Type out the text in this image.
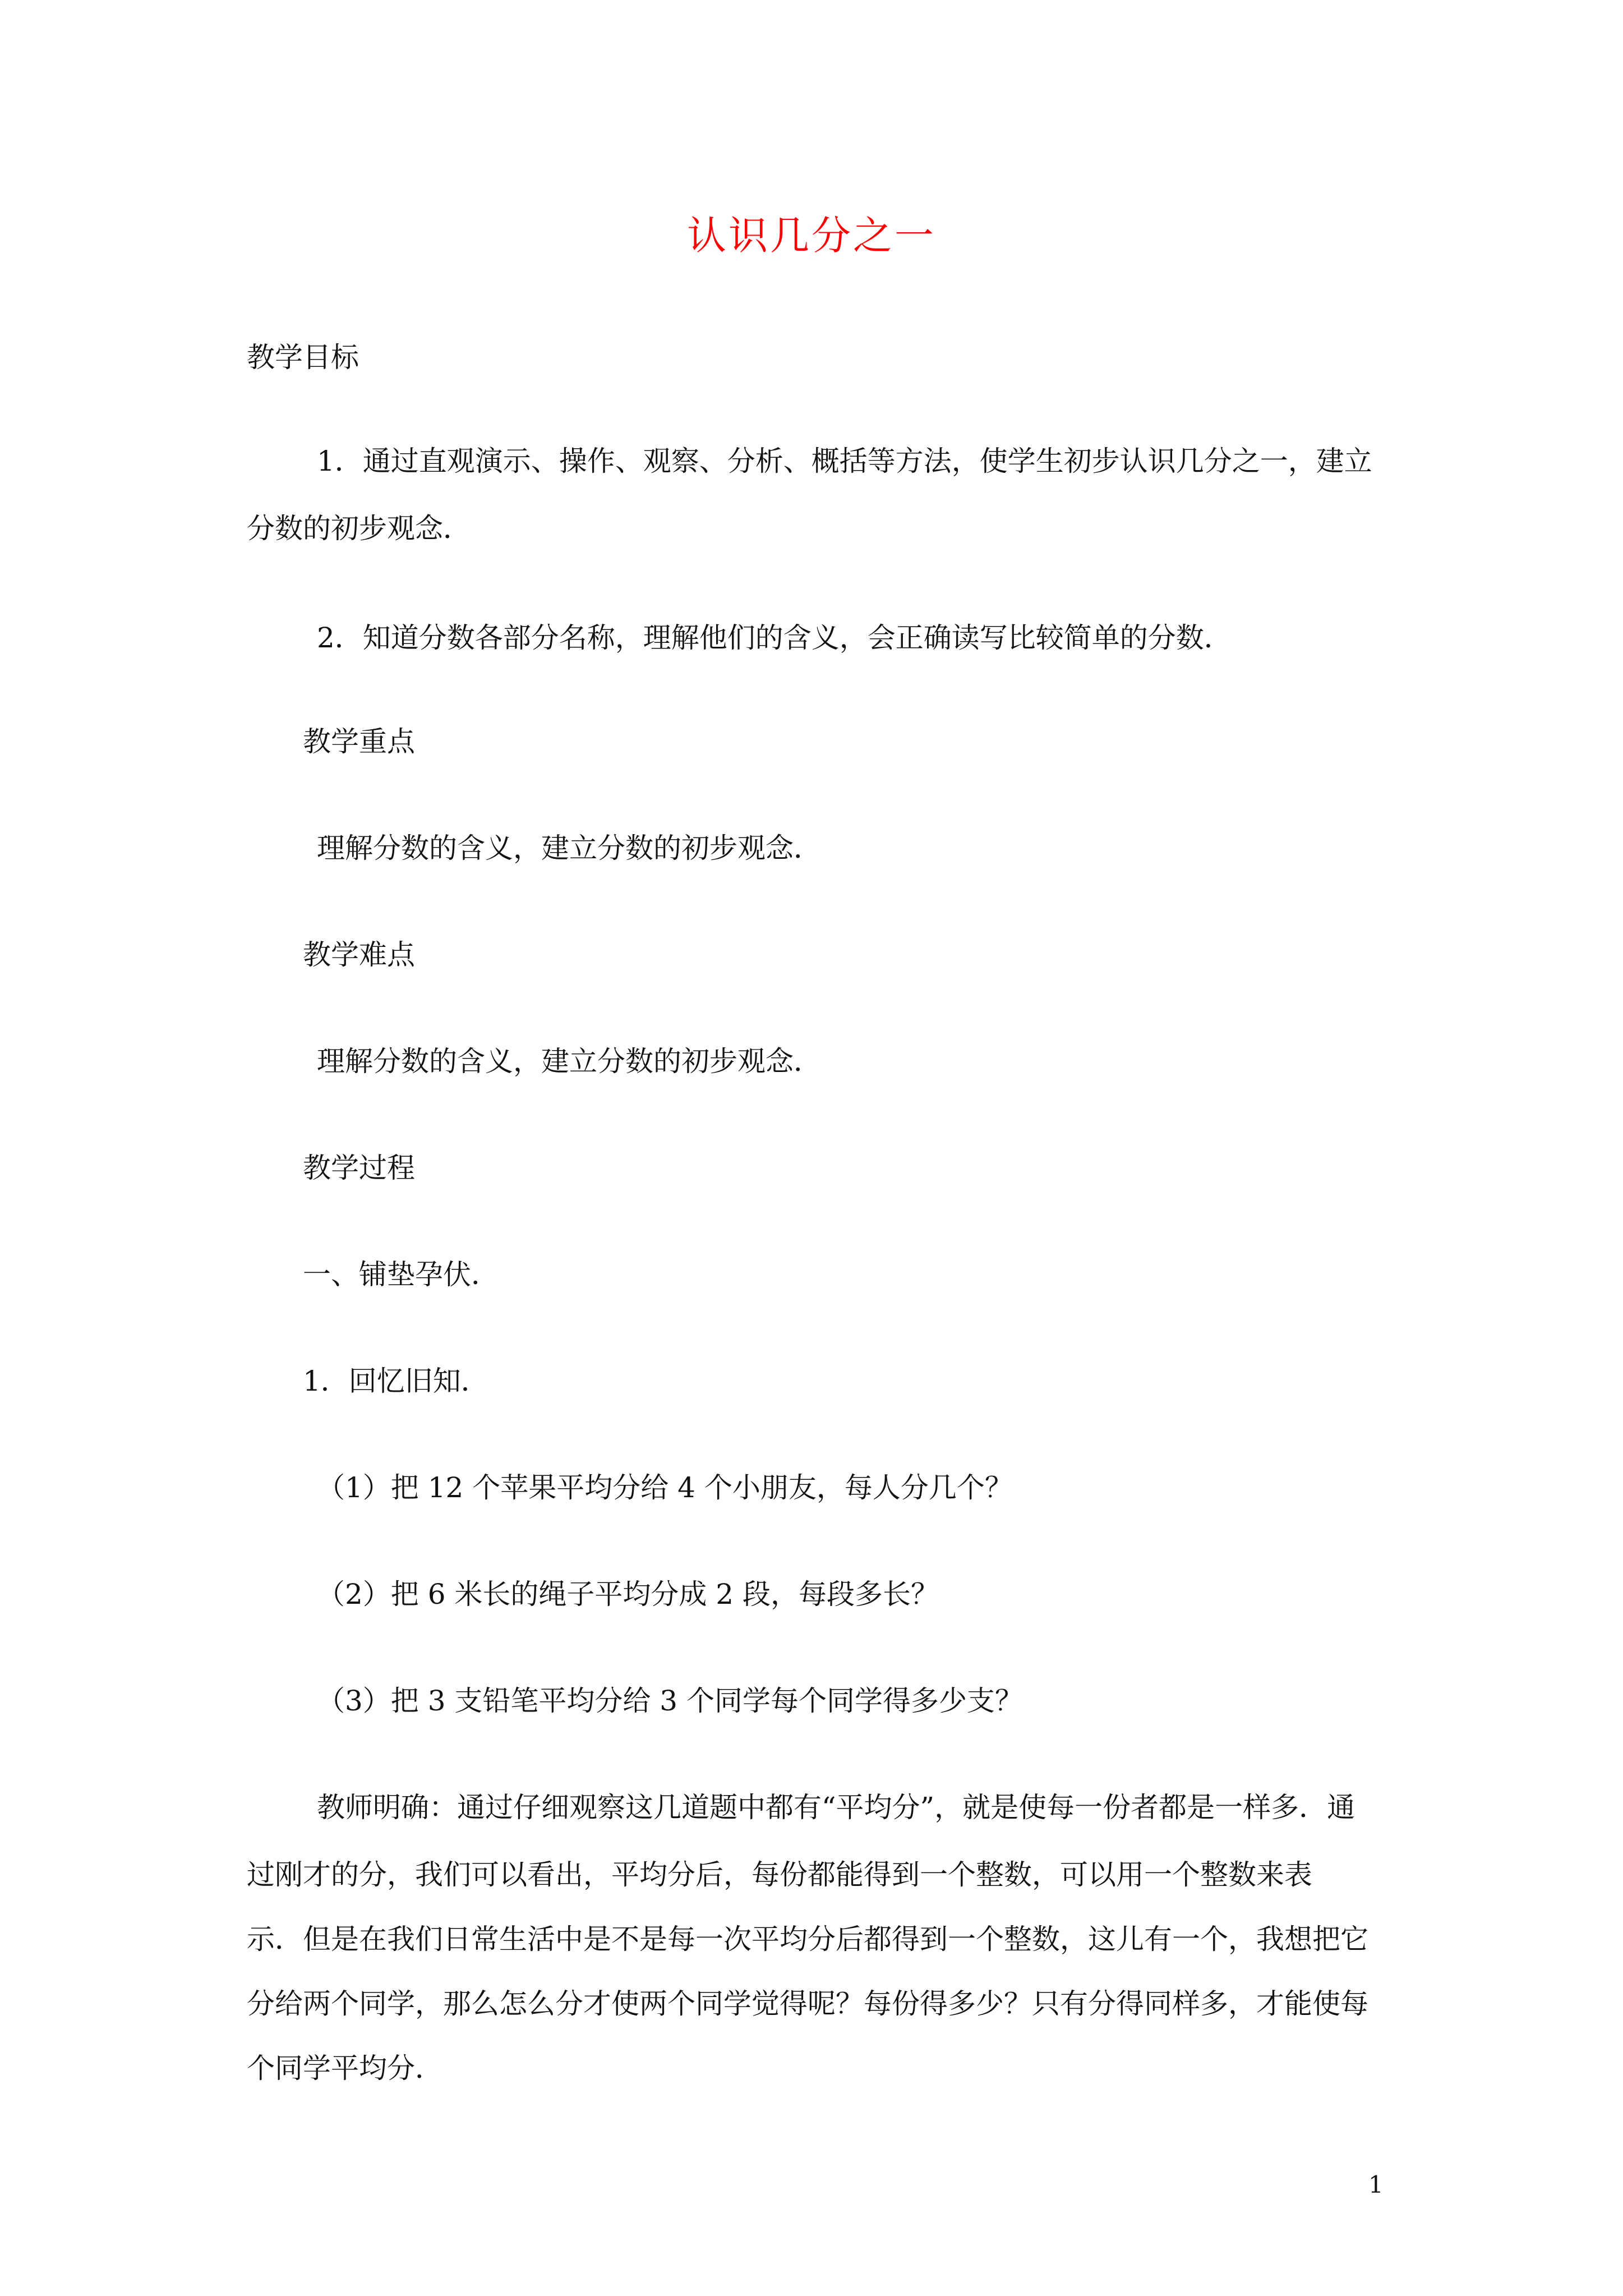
认识几分之一
教学目标
1．通过直观演示、操作、观察、分析、概括等方法，使学生初步认识几分之一，建立
分数的初步观念．
2．知道分数各部分名称，理解他们的含义，会正确读写比较简单的分数．
教学重点
理解分数的含义，建立分数的初步观念．
教学难点
理解分数的含义，建立分数的初步观念．
教学过程
一、铺垫孕伏．
1．回忆旧知．
（1）把 12 个苹果平均分给 4 个小朋友，每人分几个？
（2）把 6 米长的绳子平均分成 2 段，每段多长？
（3）把 3 支铅笔平均分给 3 个同学每个同学得多少支？
教师明确：通过仔细观察这几道题中都有“平均分”，就是使每一份者都是一样多．通
过刚才的分，我们可以看出，平均分后，每份都能得到一个整数，可以用一个整数来表
示．但是在我们日常生活中是不是每一次平均分后都得到一个整数，这儿有一个，我想把它
分给两个同学，那么怎么分才使两个同学觉得呢？每份得多少？只有分得同样多，才能使每
个同学平均分．
1
